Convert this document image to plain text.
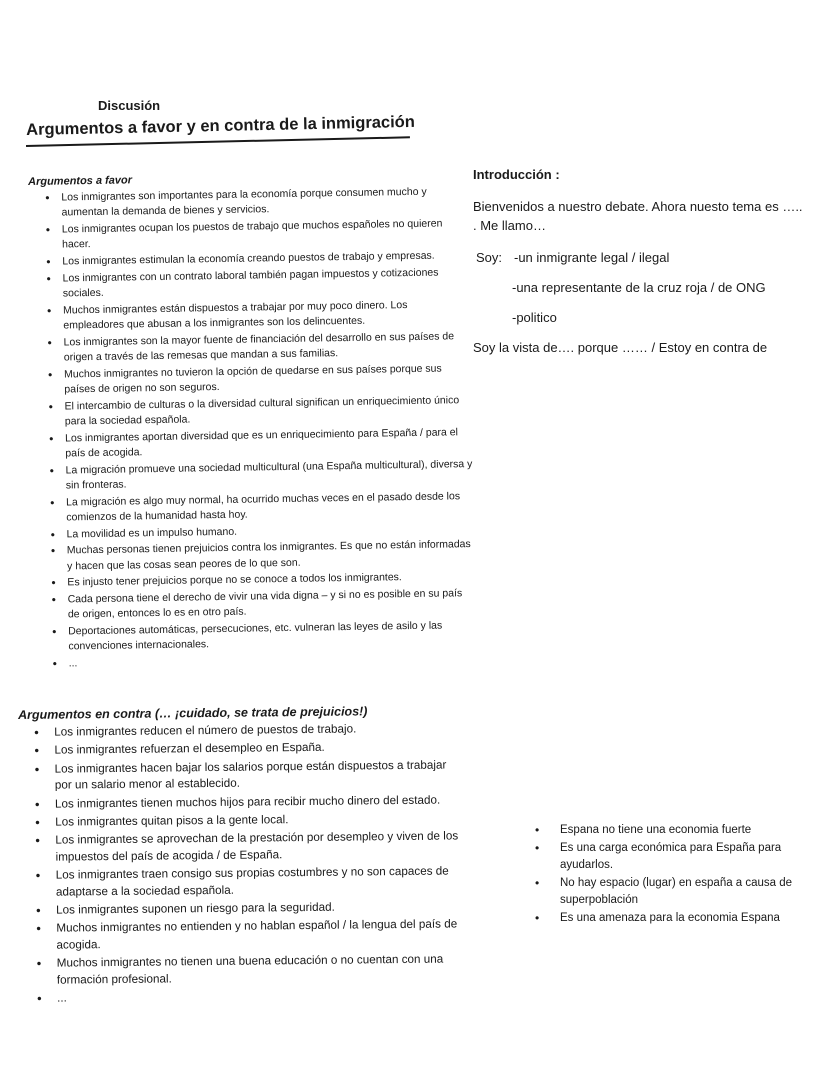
Discusión
Argumentos a favor y en contra de la inmigración
Argumentos a favor
• Los inmigrantes son importantes para la economía porque consumen mucho y aumentan la demanda de bienes y servicios.
• Los inmigrantes ocupan los puestos de trabajo que muchos españoles no quieren hacer.
• Los inmigrantes estimulan la economía creando puestos de trabajo y empresas.
• Los inmigrantes con un contrato laboral también pagan impuestos y cotizaciones sociales.
• Muchos inmigrantes están dispuestos a trabajar por muy poco dinero. Los empleadores que abusan a los inmigrantes son los delincuentes.
• Los inmigrantes son la mayor fuente de financiación del desarrollo en sus países de origen a través de las remesas que mandan a sus familias.
• Muchos inmigrantes no tuvieron la opción de quedarse en sus países porque sus países de origen no son seguros.
• El intercambio de culturas o la diversidad cultural significan un enriquecimiento único para la sociedad española.
• Los inmigrantes aportan diversidad que es un enriquecimiento para España / para el país de acogida.
• La migración promueve una sociedad multicultural (una España multicultural), diversa y sin fronteras.
• La migración es algo muy normal, ha ocurrido muchas veces en el pasado desde los comienzos de la humanidad hasta hoy.
• La movilidad es un impulso humano.
• Muchas personas tienen prejuicios contra los inmigrantes. Es que no están informadas y hacen que las cosas sean peores de lo que son.
• Es injusto tener prejuicios porque no se conoce a todos los inmigrantes.
• Cada persona tiene el derecho de vivir una vida digna – y si no es posible en su país de origen, entonces lo es en otro país.
• Deportaciones automáticas, persecuciones, etc. vulneran las leyes de asilo y las convenciones internacionales.
• ...
Argumentos en contra (… ¡cuidado, se trata de prejuicios!)
• Los inmigrantes reducen el número de puestos de trabajo.
• Los inmigrantes refuerzan el desempleo en España.
• Los inmigrantes hacen bajar los salarios porque están dispuestos a trabajar por un salario menor al establecido.
• Los inmigrantes tienen muchos hijos para recibir mucho dinero del estado.
• Los inmigrantes quitan pisos a la gente local.
• Los inmigrantes se aprovechan de la prestación por desempleo y viven de los impuestos del país de acogida / de España.
• Los inmigrantes traen consigo sus propias costumbres y no son capaces de adaptarse a la sociedad española.
• Los inmigrantes suponen un riesgo para la seguridad.
• Muchos inmigrantes no entienden y no hablan español / la lengua del país de acogida.
• Muchos inmigrantes no tienen una buena educación o no cuentan con una formación profesional.
• ...
Introducción :
Bienvenidos a nuestro debate. Ahora nuesto tema es ….. . Me llamo…
Soy: -un inmigrante legal / ilegal
-una representante de la cruz roja / de ONG
-politico
Soy la vista de…. porque …… / Estoy en contra de
• Espana no tiene una economia fuerte
• Es una carga económica para España para ayudarlos.
• No hay espacio (lugar) en españa a causa de superpoblación
• Es una amenaza para la economia Espana
